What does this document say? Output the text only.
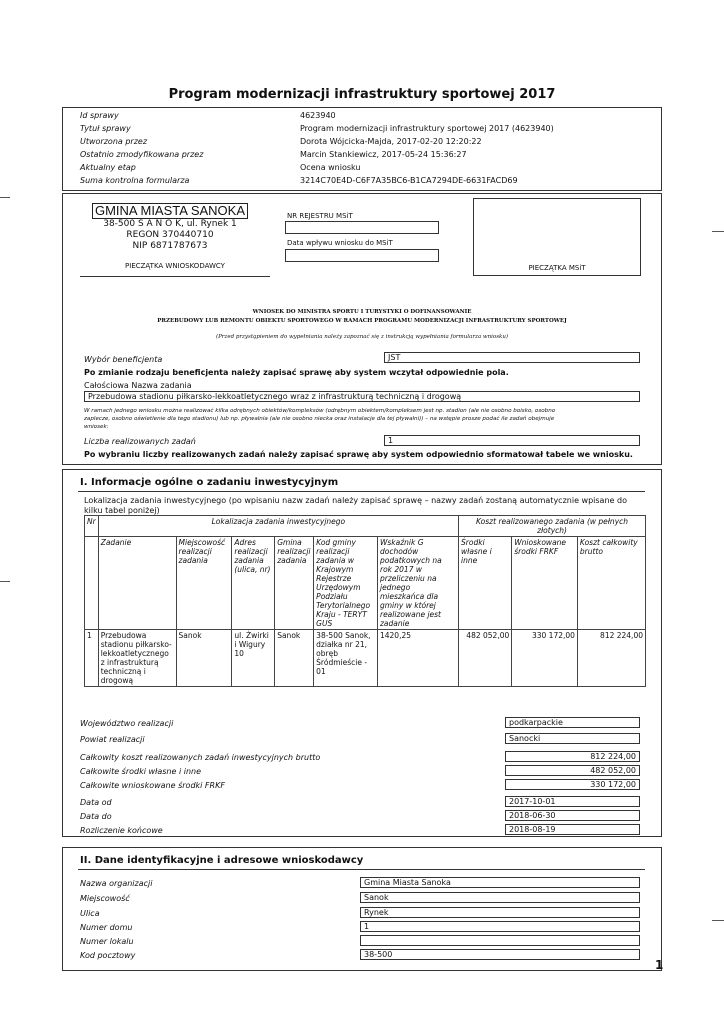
Program modernizacji infrastruktury sportowej 2017
Id sprawy	4623940
Tytuł sprawy	Program modernizacji infrastruktury sportowej 2017 (4623940)
Utworzona przez	Dorota Wójcicka-Majda, 2017-02-20 12:20:22
Ostatnio zmodyfikowana przez	Marcin Stankiewicz, 2017-05-24 15:36:27
Aktualny etap	Ocena wniosku
Suma kontrolna formularza	3214C70E4D-C6F7A35BC6-B1CA7294DE-6631FACD69
GMINA MIASTA SANOKA
38-500 S A N O K, ul. Rynek 1
REGON 370440710
NIP 6871787673
PIECZĄTKA WNIOSKODAWCY
NR REJESTRU MSiT
Data wpływu wniosku do MSiT
PIECZĄTKA MSiT
WNIOSEK DO MINISTRA SPORTU I TURYSTYKI O DOFINANSOWANIE
PRZEBUDOWY LUB REMONTU OBIEKTU SPORTOWEGO W RAMACH PROGRAMU MODERNIZACJI INFRASTRUKTURY SPORTOWEJ
(Przed przystąpieniem do wypełniania należy zapoznać się z instrukcją wypełniania formularza wniosku)
Wybór beneficjenta	JST
Po zmianie rodzaju beneficjenta należy zapisać sprawę aby system wczytał odpowiednie pola.
Całościowa Nazwa zadania
Przebudowa stadionu piłkarsko-lekkoatletycznego wraz z infrastrukturą techniczną i drogową
W ramach jednego wniosku można realizować kilka odrębnych obiektów/kompleksów (odrębnym obiektem/kompleksem jest np. stadion (ale nie osobno boisko, osobno
zaplecze, osobno oświetlenie dla tego stadionu) lub np. pływalnia (ale nie osobno niecka oraz instalacje dla tej pływalni)) – na wstępie prosze podać ile zadań obejmuje
wniosek:
Liczba realizowanych zadań	1
Po wybraniu liczby realizowanych zadań należy zapisać sprawę aby system odpowiednio sformatował tabele we wniosku.
I. Informacje ogólne o zadaniu inwestycyjnym
Lokalizacja zadania inwestycyjnego (po wpisaniu nazw zadań należy zapisać sprawę – nazwy zadań zostaną automatycznie wpisane do
kilku tabel poniżej)
Nr	Lokalizacja zadania inwestycyjnego						Koszt realizowanego zadania (w pełnych złotych)		
	Zadanie	Miejscowość realizacji zadania	Adres realizacji zadania (ulica, nr)	Gmina realizacji zadania	Kod gminy realizacji zadania w Krajowym Rejestrze Urzędowym Podziału Terytorialnego Kraju - TERYT GUS	Wskaźnik G dochodów podatkowych na rok 2017 w przeliczeniu na jednego mieszkańca dla gminy w której realizowane jest zadanie	Środki własne i inne	Wnioskowane środki FRKF	Koszt całkowity brutto
1	Przebudowa stadionu piłkarsko-lekkoatletycznego z infrastrukturą techniczną i drogową	Sanok	ul. Żwirki i Wigury 10	Sanok	38-500 Sanok, działka nr 21, obręb Śródmieście - 01	1420,25	482 052,00	330 172,00	812 224,00
Województwo realizacji	podkarpackie
Powiat realizacji	Sanocki
Całkowity koszt realizowanych zadań inwestycyjnych brutto	812 224,00
Całkowite środki własne i inne	482 052,00
Całkowite wnioskowane środki FRKF	330 172,00
Data od	2017-10-01
Data do	2018-06-30
Rozliczenie końcowe	2018-08-19
II. Dane identyfikacyjne i adresowe wnioskodawcy
Nazwa organizacji	Gmina Miasta Sanoka
Miejscowość	Sanok
Ulica	Rynek
Numer domu	1
Numer lokalu
Kod pocztowy	38-500
1
